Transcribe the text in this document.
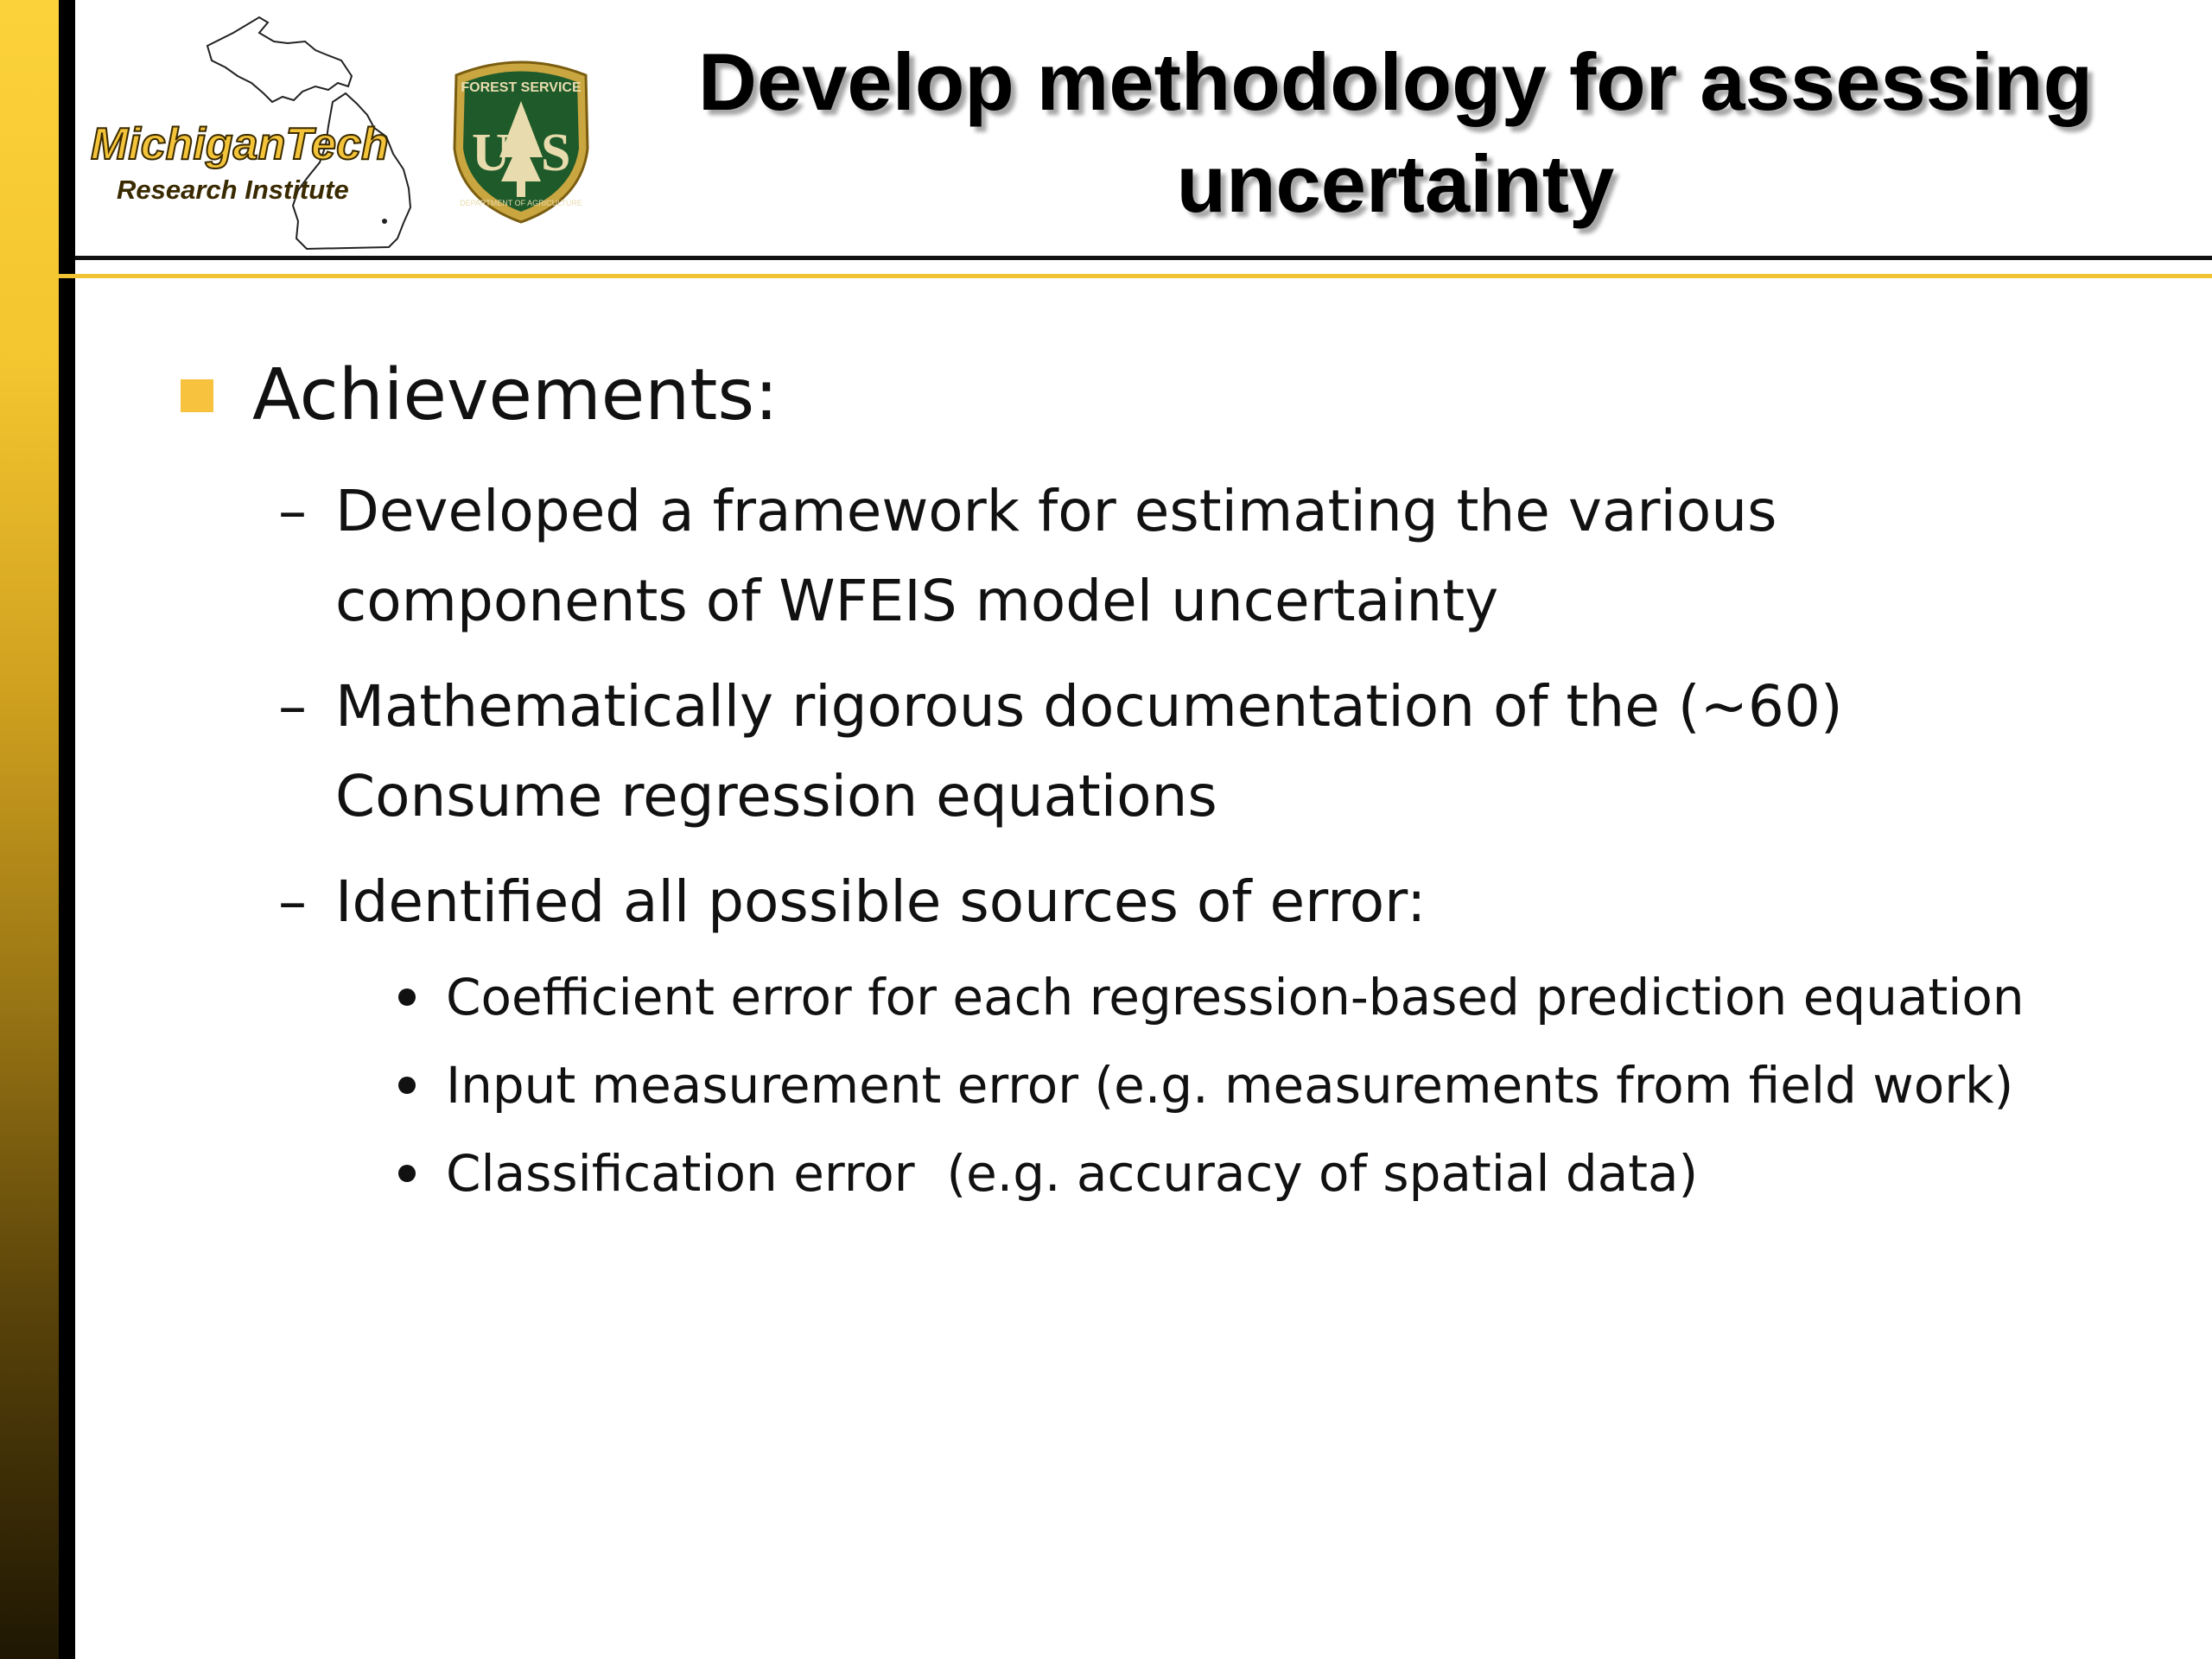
MichiganTech
Research Institute
U S
FOREST SERVICE
DEPARTMENT OF AGRICULTURE
Develop methodology for assessing uncertainty
Achievements:
– Developed a framework for estimating the various
components of WFEIS model uncertainty
– Mathematically rigorous documentation of the (~60)
Consume regression equations
– Identified all possible sources of error:
Coefficient error for each regression-based prediction equation
Input measurement error (e.g. measurements from field work)
Classification error  (e.g. accuracy of spatial data)
